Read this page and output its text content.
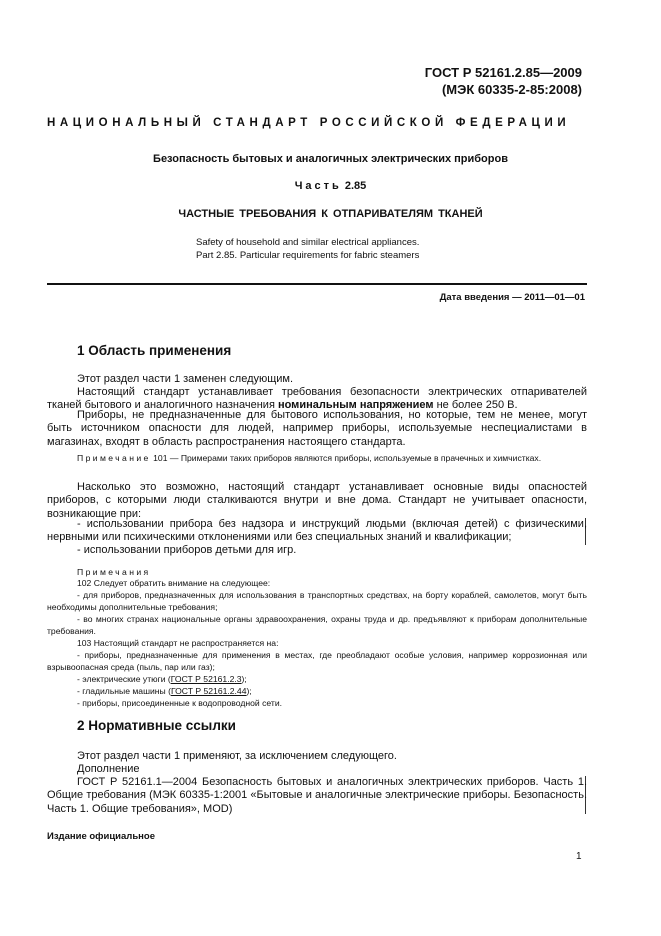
ГОСТ Р 52161.2.85—2009
(МЭК 60335-2-85:2008)
НАЦИОНАЛЬНЫЙ СТАНДАРТ РОССИЙСКОЙ ФЕДЕРАЦИИ
Безопасность бытовых и аналогичных электрических приборов
Часть 2.85
ЧАСТНЫЕ ТРЕБОВАНИЯ К ОТПАРИВАТЕЛЯМ ТКАНЕЙ
Safety of household and similar electrical appliances.
Part 2.85. Particular requirements for fabric steamers
Дата введения — 2011—01—01
1 Область применения
Этот раздел части 1 заменен следующим.
Настоящий стандарт устанавливает требования безопасности электрических отпаривателей тканей бытового и аналогичного назначения номинальным напряжением не более 250 В.
Приборы, не предназначенные для бытового использования, но которые, тем не менее, могут быть источником опасности для людей, например приборы, используемые неспециалистами в магазинах, входят в область распространения настоящего стандарта.
Примечание 101 — Примерами таких приборов являются приборы, используемые в прачечных и химчистках.
Насколько это возможно, настоящий стандарт устанавливает основные виды опасностей приборов, с которыми люди сталкиваются внутри и вне дома. Стандарт не учитывает опасности, возникающие при:
- использовании прибора без надзора и инструкций людьми (включая детей) с физическими, нервными или психическими отклонениями или без специальных знаний и квалификации;
- использовании приборов детьми для игр.
Примечания
102 Следует обратить внимание на следующее:
- для приборов, предназначенных для использования в транспортных средствах, на борту кораблей, самолетов, могут быть необходимы дополнительные требования;
- во многих странах национальные органы здравоохранения, охраны труда и др. предъявляют к приборам дополнительные требования.
103 Настоящий стандарт не распространяется на:
- приборы, предназначенные для применения в местах, где преобладают особые условия, например коррозионная или взрывоопасная среда (пыль, пар или газ);
- электрические утюги (ГОСТ Р 52161.2.3);
- гладильные машины (ГОСТ Р 52161.2.44);
- приборы, присоединенные к водопроводной сети.
2 Нормативные ссылки
Этот раздел части 1 применяют, за исключением следующего.
Дополнение
ГОСТ Р 52161.1—2004 Безопасность бытовых и аналогичных электрических приборов. Часть 1. Общие требования (МЭК 60335-1:2001 «Бытовые и аналогичные электрические приборы. Безопасность. Часть 1. Общие требования», MOD)
Издание официальное
1
